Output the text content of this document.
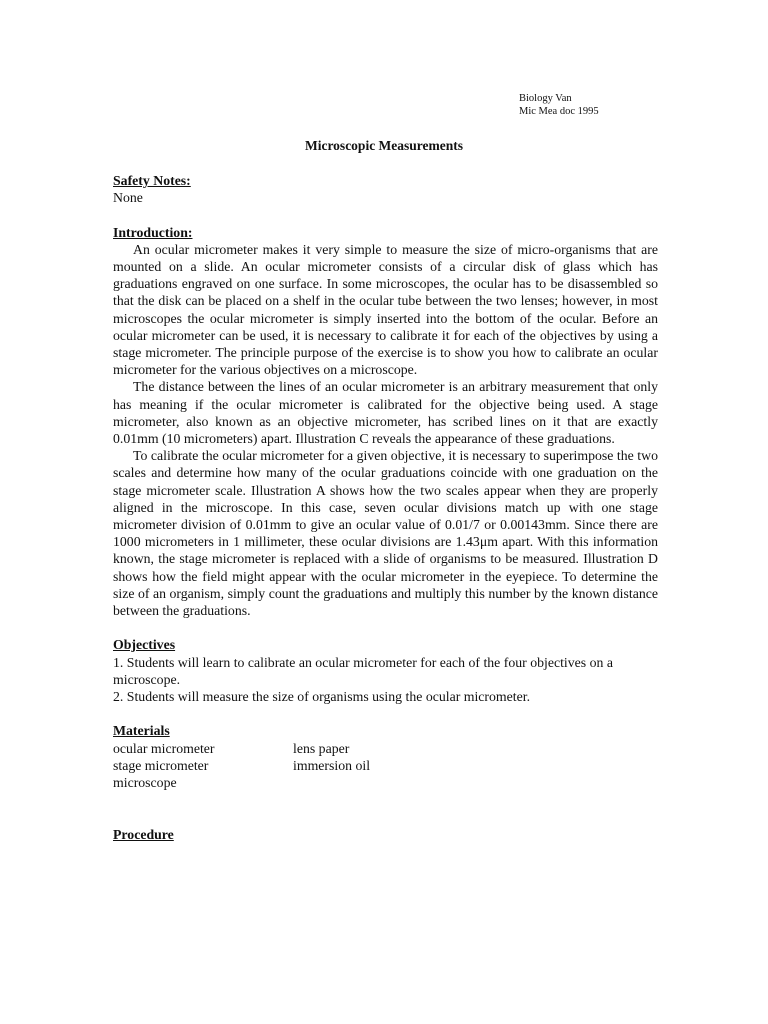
Biology Van
Mic Mea doc 1995
Microscopic Measurements
Safety Notes:
None
Introduction:

An ocular micrometer makes it very simple to measure the size of micro-organisms that are mounted on a slide. An ocular micrometer consists of a circular disk of glass which has graduations engraved on one surface. In some microscopes, the ocular has to be disassembled so that the disk can be placed on a shelf in the ocular tube between the two lenses; however, in most microscopes the ocular micrometer is simply inserted into the bottom of the ocular. Before an ocular micrometer can be used, it is necessary to calibrate it for each of the objectives by using a stage micrometer. The principle purpose of the exercise is to show you how to calibrate an ocular micrometer for the various objectives on a microscope.

The distance between the lines of an ocular micrometer is an arbitrary measurement that only has meaning if the ocular micrometer is calibrated for the objective being used. A stage micrometer, also known as an objective micrometer, has scribed lines on it that are exactly 0.01mm (10 micrometers) apart. Illustration C reveals the appearance of these graduations.

To calibrate the ocular micrometer for a given objective, it is necessary to superimpose the two scales and determine how many of the ocular graduations coincide with one graduation on the stage micrometer scale. Illustration A shows how the two scales appear when they are properly aligned in the microscope. In this case, seven ocular divisions match up with one stage micrometer division of 0.01mm to give an ocular value of 0.01/7 or 0.00143mm. Since there are 1000 micrometers in 1 millimeter, these ocular divisions are 1.43μm apart. With this information known, the stage micrometer is replaced with a slide of organisms to be measured. Illustration D shows how the field might appear with the ocular micrometer in the eyepiece. To determine the size of an organism, simply count the graduations and multiply this number by the known distance between the graduations.

Objectives

1. Students will learn to calibrate an ocular micrometer for each of the four objectives on a microscope.

2. Students will measure the size of organisms using the ocular micrometer.

Materials
ocular micrometer	lens paper
stage micrometer	immersion oil
microscope
Procedure
